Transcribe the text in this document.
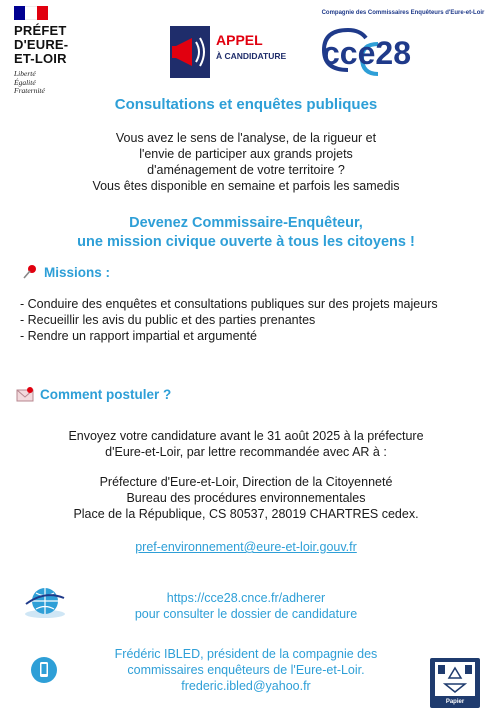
PRÉFET
D'EURE-
ET-LOIR
Liberté
Égalité
Fraternité
APPEL
À CANDIDATURE
Compagnie des Commissaires Enquêteurs d'Eure-et-Loir
cce28
Consultations et enquêtes publiques
Vous avez le sens de l'analyse, de la rigueur et
l'envie de participer aux grands projets
d'aménagement de votre territoire ?
Vous êtes disponible en semaine et parfois les samedis
Devenez Commissaire-Enquêteur,
une mission civique ouverte à tous les citoyens !
Missions :
- Conduire des enquêtes et consultations publiques sur des projets majeurs
- Recueillir les avis du public et des parties prenantes
- Rendre un rapport impartial et argumenté
Comment postuler ?
Envoyez votre candidature avant le 31 août 2025 à la préfecture
d'Eure-et-Loir, par lettre recommandée avec AR à :
Préfecture d'Eure-et-Loir, Direction de la Citoyenneté
Bureau des procédures environnementales
Place de la République, CS 80537, 28019 CHARTRES cedex.
pref-environnement@eure-et-loir.gouv.fr
https://cce28.cnce.fr/adherer
pour consulter le dossier de candidature
Frédéric IBLED, président de la compagnie des
commissaires enquêteurs de l'Eure-et-Loir.
frederic.ibled@yahoo.fr
Papier
